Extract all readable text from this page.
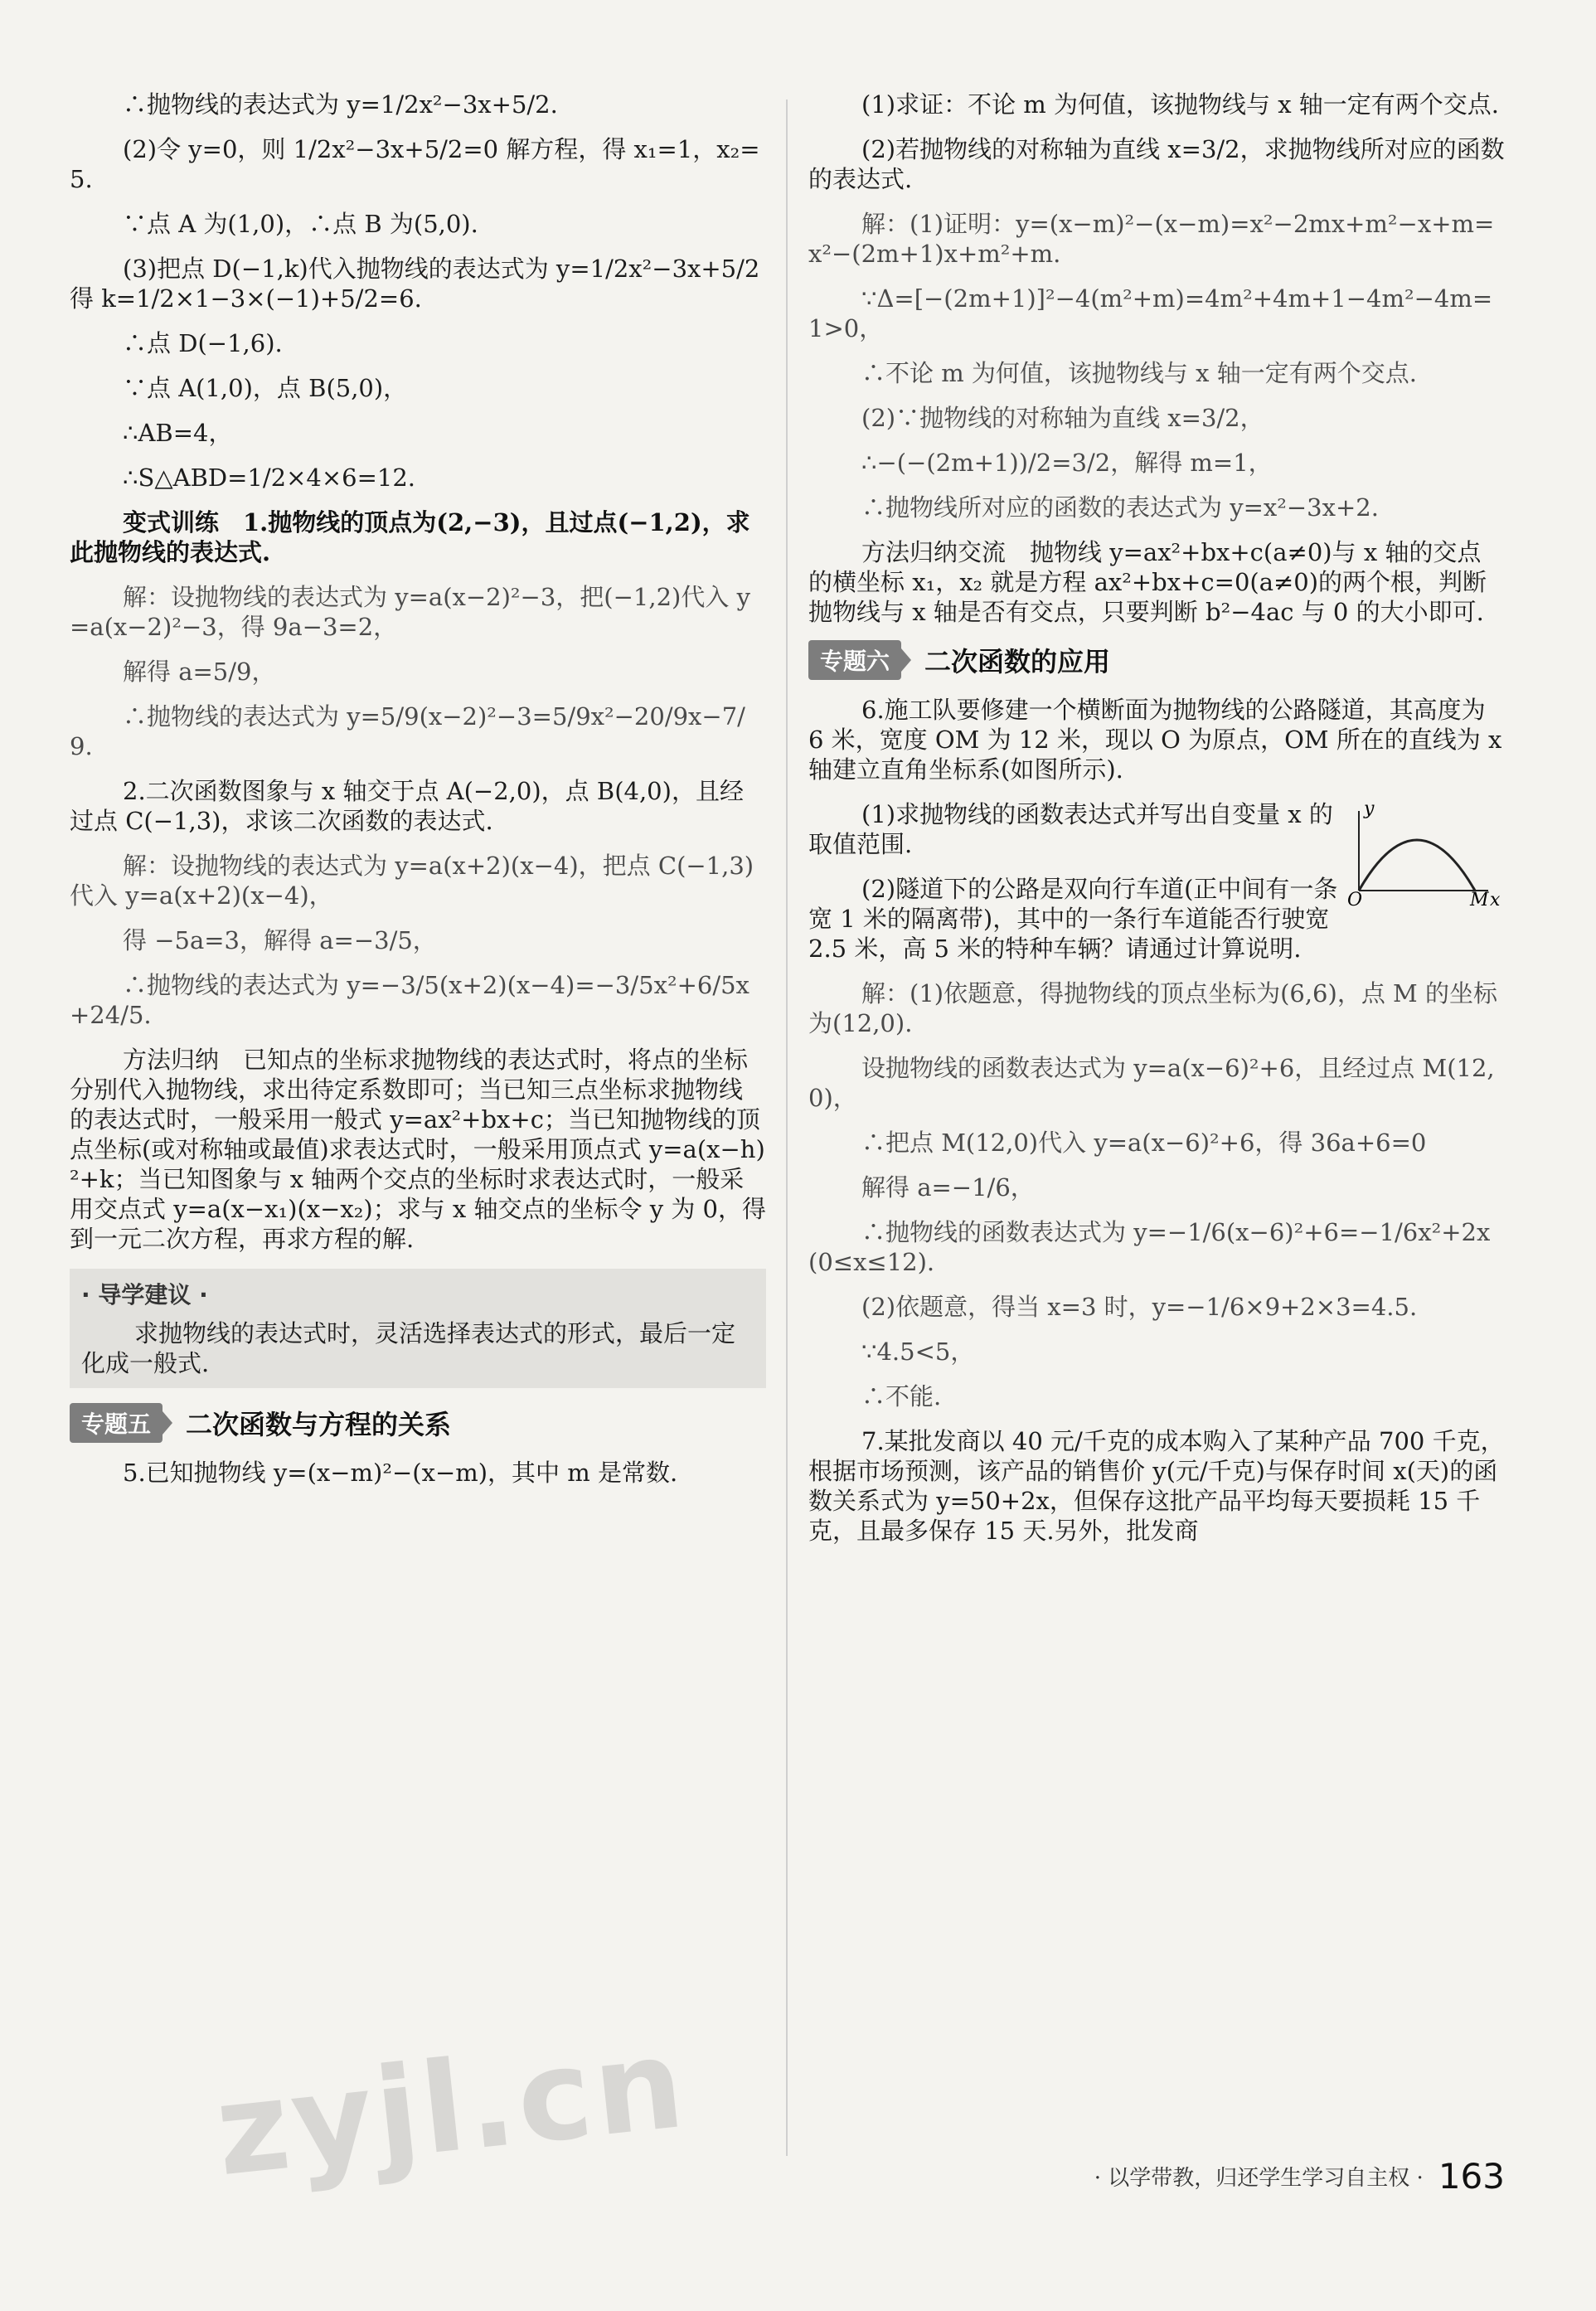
∴抛物线的表达式为 y=1/2x²−3x+5/2.

(2)令 y=0，则 1/2x²−3x+5/2=0 解方程，得 x₁=1，x₂=5.

∵点 A 为(1,0)，∴点 B 为(5,0).

(3)把点 D(−1,k)代入抛物线的表达式为 y=1/2x²−3x+5/2 得 k=1/2×1−3×(−1)+5/2=6.

∴点 D(−1,6).

∵点 A(1,0)，点 B(5,0)，

∴AB=4，

∴S△ABD=1/2×4×6=12.

变式训练　1.抛物线的顶点为(2,−3)，且过点(−1,2)，求此抛物线的表达式.

解：设抛物线的表达式为 y=a(x−2)²−3，把(−1,2)代入 y=a(x−2)²−3，得 9a−3=2，

解得 a=5/9，

∴抛物线的表达式为 y=5/9(x−2)²−3=5/9x²−20/9x−7/9.

2.二次函数图象与 x 轴交于点 A(−2,0)，点 B(4,0)，且经过点 C(−1,3)，求该二次函数的表达式.

解：设抛物线的表达式为 y=a(x+2)(x−4)，把点 C(−1,3)代入 y=a(x+2)(x−4)，

得 −5a=3，解得 a=−3/5，

∴抛物线的表达式为 y=−3/5(x+2)(x−4)=−3/5x²+6/5x+24/5.

方法归纳　已知点的坐标求抛物线的表达式时，将点的坐标分别代入抛物线，求出待定系数即可；当已知三点坐标求抛物线的表达式时，一般采用一般式 y=ax²+bx+c；当已知抛物线的顶点坐标(或对称轴或最值)求表达式时，一般采用顶点式 y=a(x−h)²+k；当已知图象与 x 轴两个交点的坐标时求表达式时，一般采用交点式 y=a(x−x₁)(x−x₂)；求与 x 轴交点的坐标令 y 为 0，得到一元二次方程，再求方程的解.

· 导学建议 ·

求抛物线的表达式时，灵活选择表达式的形式，最后一定化成一般式.

专题五	二次函数与方程的关系

5.已知抛物线 y=(x−m)²−(x−m)，其中 m 是常数.

(1)求证：不论 m 为何值，该抛物线与 x 轴一定有两个交点.

(2)若抛物线的对称轴为直线 x=3/2，求抛物线所对应的函数的表达式.

解：(1)证明：y=(x−m)²−(x−m)=x²−2mx+m²−x+m=x²−(2m+1)x+m²+m.

∵Δ=[−(2m+1)]²−4(m²+m)=4m²+4m+1−4m²−4m=1>0，

∴不论 m 为何值，该抛物线与 x 轴一定有两个交点.

(2)∵抛物线的对称轴为直线 x=3/2，

∴−(−(2m+1))/2=3/2，解得 m=1，

∴抛物线所对应的函数的表达式为 y=x²−3x+2.

方法归纳交流　抛物线 y=ax²+bx+c(a≠0)与 x 轴的交点的横坐标 x₁，x₂ 就是方程 ax²+bx+c=0(a≠0)的两个根，判断抛物线与 x 轴是否有交点，只要判断 b²−4ac 与 0 的大小即可.

专题六	二次函数的应用

6.施工队要修建一个横断面为抛物线的公路隧道，其高度为 6 米，宽度 OM 为 12 米，现以 O 为原点，OM 所在的直线为 x 轴建立直角坐标系(如图所示).

y
O	M x

(1)求抛物线的函数表达式并写出自变量 x 的取值范围.

(2)隧道下的公路是双向行车道(正中间有一条宽 1 米的隔离带)，其中的一条行车道能否行驶宽 2.5 米，高 5 米的特种车辆？请通过计算说明.

解：(1)依题意，得抛物线的顶点坐标为(6,6)，点 M 的坐标为(12,0).

设抛物线的函数表达式为 y=a(x−6)²+6，且经过点 M(12,0)，

∴把点 M(12,0)代入 y=a(x−6)²+6，得 36a+6=0

解得 a=−1/6，

∴抛物线的函数表达式为 y=−1/6(x−6)²+6=−1/6x²+2x(0≤x≤12).

(2)依题意，得当 x=3 时，y=−1/6×9+2×3=4.5.

∵4.5<5，

∴不能.

7.某批发商以 40 元/千克的成本购入了某种产品 700 千克，根据市场预测，该产品的销售价 y(元/千克)与保存时间 x(天)的函数关系式为 y=50+2x，但保存这批产品平均每天要损耗 15 千克，且最多保存 15 天.另外，批发商

zyjl.cn	· 以学带教，归还学生学习自主权 · 163
